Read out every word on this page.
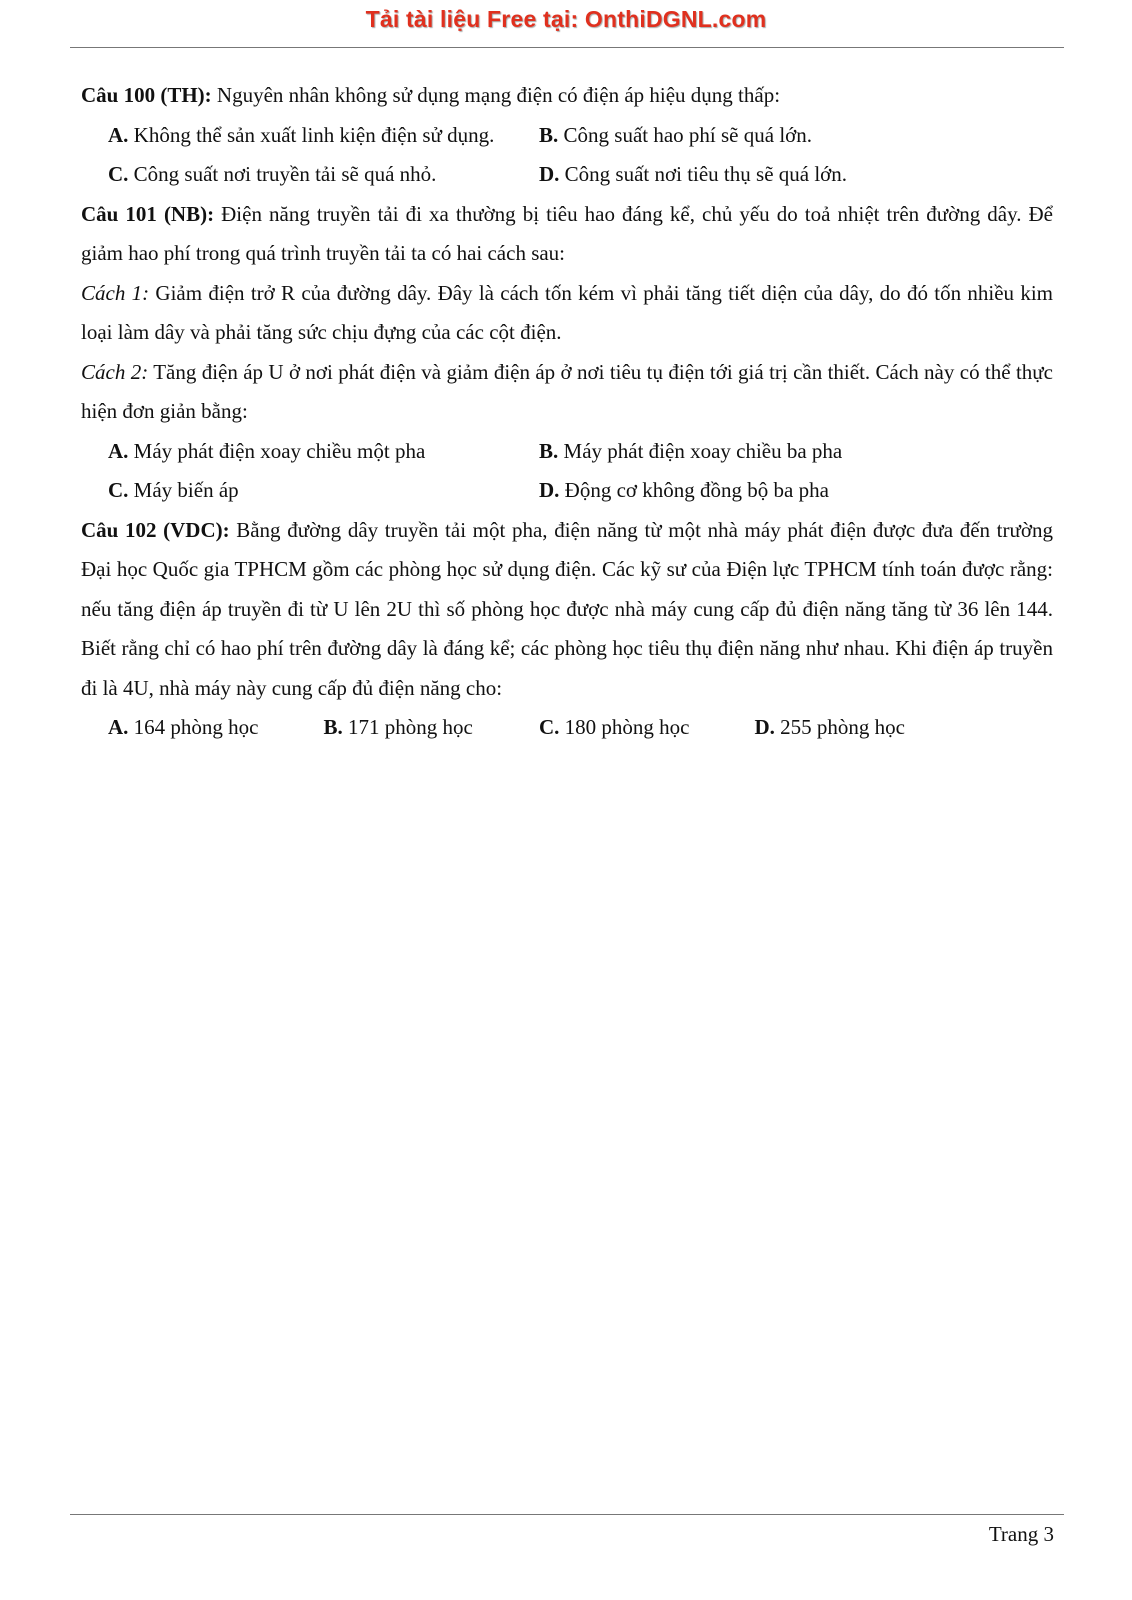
Tải tài liệu Free tại: OnthiDGNL.com

Câu 100 (TH): Nguyên nhân không sử dụng mạng điện có điện áp hiệu dụng thấp:

A. Không thể sản xuất linh kiện điện sử dụng.	B. Công suất hao phí sẽ quá lớn.
C. Công suất nơi truyền tải sẽ quá nhỏ.	D. Công suất nơi tiêu thụ sẽ quá lớn.

Câu 101 (NB): Điện năng truyền tải đi xa thường bị tiêu hao đáng kể, chủ yếu do toả nhiệt trên đường dây. Để giảm hao phí trong quá trình truyền tải ta có hai cách sau:

Cách 1: Giảm điện trở R của đường dây. Đây là cách tốn kém vì phải tăng tiết diện của dây, do đó tốn nhiều kim loại làm dây và phải tăng sức chịu đựng của các cột điện.

Cách 2: Tăng điện áp U ở nơi phát điện và giảm điện áp ở nơi tiêu tụ điện tới giá trị cần thiết. Cách này có thể thực hiện đơn giản bằng:

A. Máy phát điện xoay chiều một pha	B. Máy phát điện xoay chiều ba pha
C. Máy biến áp	D. Động cơ không đồng bộ ba pha

Câu 102 (VDC): Bằng đường dây truyền tải một pha, điện năng từ một nhà máy phát điện được đưa đến trường Đại học Quốc gia TPHCM gồm các phòng học sử dụng điện. Các kỹ sư của Điện lực TPHCM tính toán được rằng: nếu tăng điện áp truyền đi từ U lên 2U thì số phòng học được nhà máy cung cấp đủ điện năng tăng từ 36 lên 144. Biết rằng chỉ có hao phí trên đường dây là đáng kể; các phòng học tiêu thụ điện năng như nhau. Khi điện áp truyền đi là 4U, nhà máy này cung cấp đủ điện năng cho:

A. 164 phòng học	B. 171 phòng học	C. 180 phòng học	D. 255 phòng học
Trang 3
